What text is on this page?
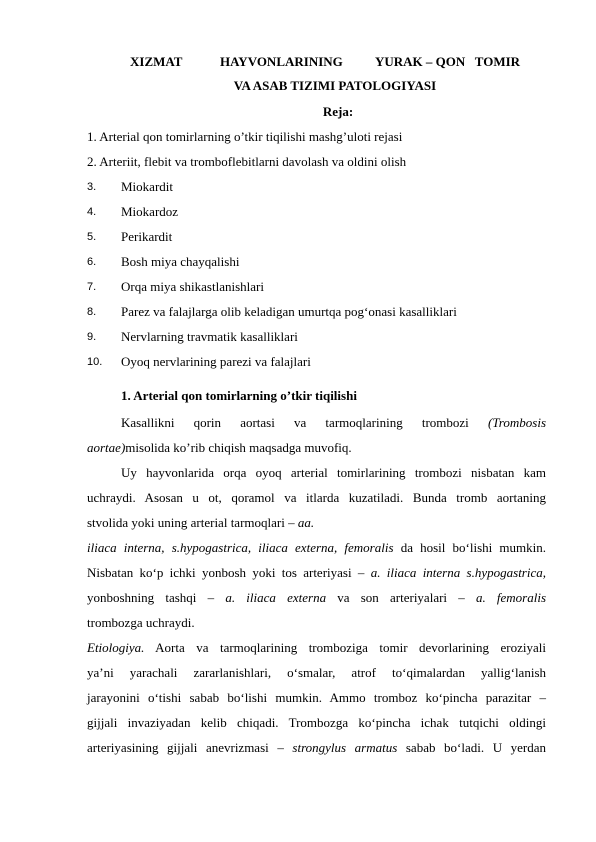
XIZMAT	HAYVONLARINING	YURAK – QON   TOMIR
VA ASAB TIZIMI PATOLOGIYASI
Reja:
1. Arterial qon tomirlarning o’tkir tiqilishi mashg’uloti rejasi
2. Arteriit, flebit va tromboflebitlarni davolash va oldini olish
3. Miokardit
4. Miokardoz
5. Perikardit
6. Bosh miya chayqalishi
7. Orqa miya shikastlanishlari
8. Parez va falajlarga olib keladigan umurtqa pog‘onasi kasalliklari
9. Nervlarning travmatik kasalliklari
10. Oyoq nervlarining parezi va falajlari
1. Arterial qon tomirlarning o’tkir tiqilishi
Kasallikni qorin aortasi va tarmoqlarining trombozi (Trombosis
aortae)misolida ko’rib chiqish maqsadga muvofiq.
Uy hayvonlarida orqa oyoq arterial tomirlarining trombozi nisbatan kam
uchraydi. Asosan u ot, qoramol va itlarda kuzatiladi. Bunda tromb aortaning
stvolida yoki uning arterial tarmoqlari – aa.
iliaca interna, s.hypogastrica, iliaca externa, femoralis da hosil bo‘lishi mumkin.
Nisbatan ko‘p ichki yonbosh yoki tos arteriyasi – a. iliaca interna s.hypogastrica,
yonboshning tashqi – a. iliaca externa va son arteriyalari – a. femoralis
trombozga uchraydi.
Etiologiya. Aorta va tarmoqlarining tromboziga tomir devorlarining eroziyali
ya’ni yarachali zararlanishlari, o‘smalar, atrof to‘qimalardan yallig‘lanish
jarayonini o‘tishi sabab bo‘lishi mumkin. Ammo tromboz ko‘pincha parazitar –
gijjali invaziyadan kelib chiqadi. Trombozga ko‘pincha ichak tutqichi oldingi
arteriyasining gijjali anevrizmasi – strongylus armatus sabab bo‘ladi. U yerdan
